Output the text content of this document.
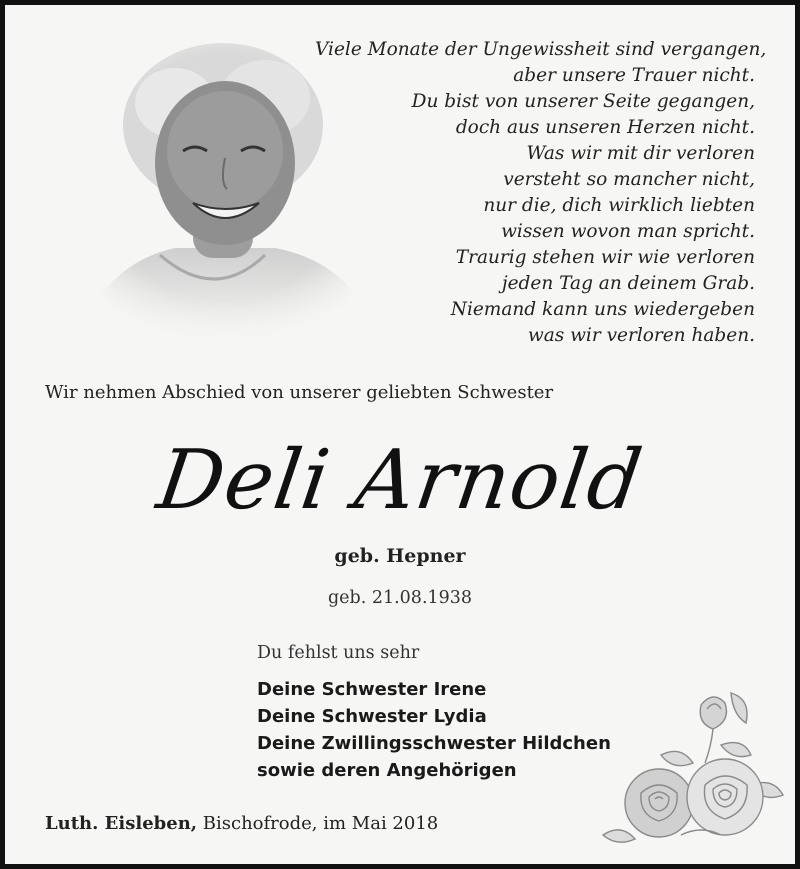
Viele Monate der Ungewissheit sind vergangen,
aber unsere Trauer nicht.
Du bist von unserer Seite gegangen,
doch aus unseren Herzen nicht.
Was wir mit dir verloren
versteht so mancher nicht,
nur die, dich wirklich liebten
wissen wovon man spricht.
Traurig stehen wir wie verloren
jeden Tag an deinem Grab.
Niemand kann uns wiedergeben
was wir verloren haben.
Wir nehmen Abschied von unserer geliebten Schwester
Deli Arnold
geb. Hepner
geb. 21.08.1938
Du fehlst uns sehr
Deine Schwester Irene
Deine Schwester Lydia
Deine Zwillingsschwester Hildchen
sowie deren Angehörigen
Luth. Eisleben, Bischofrode, im Mai 2018
